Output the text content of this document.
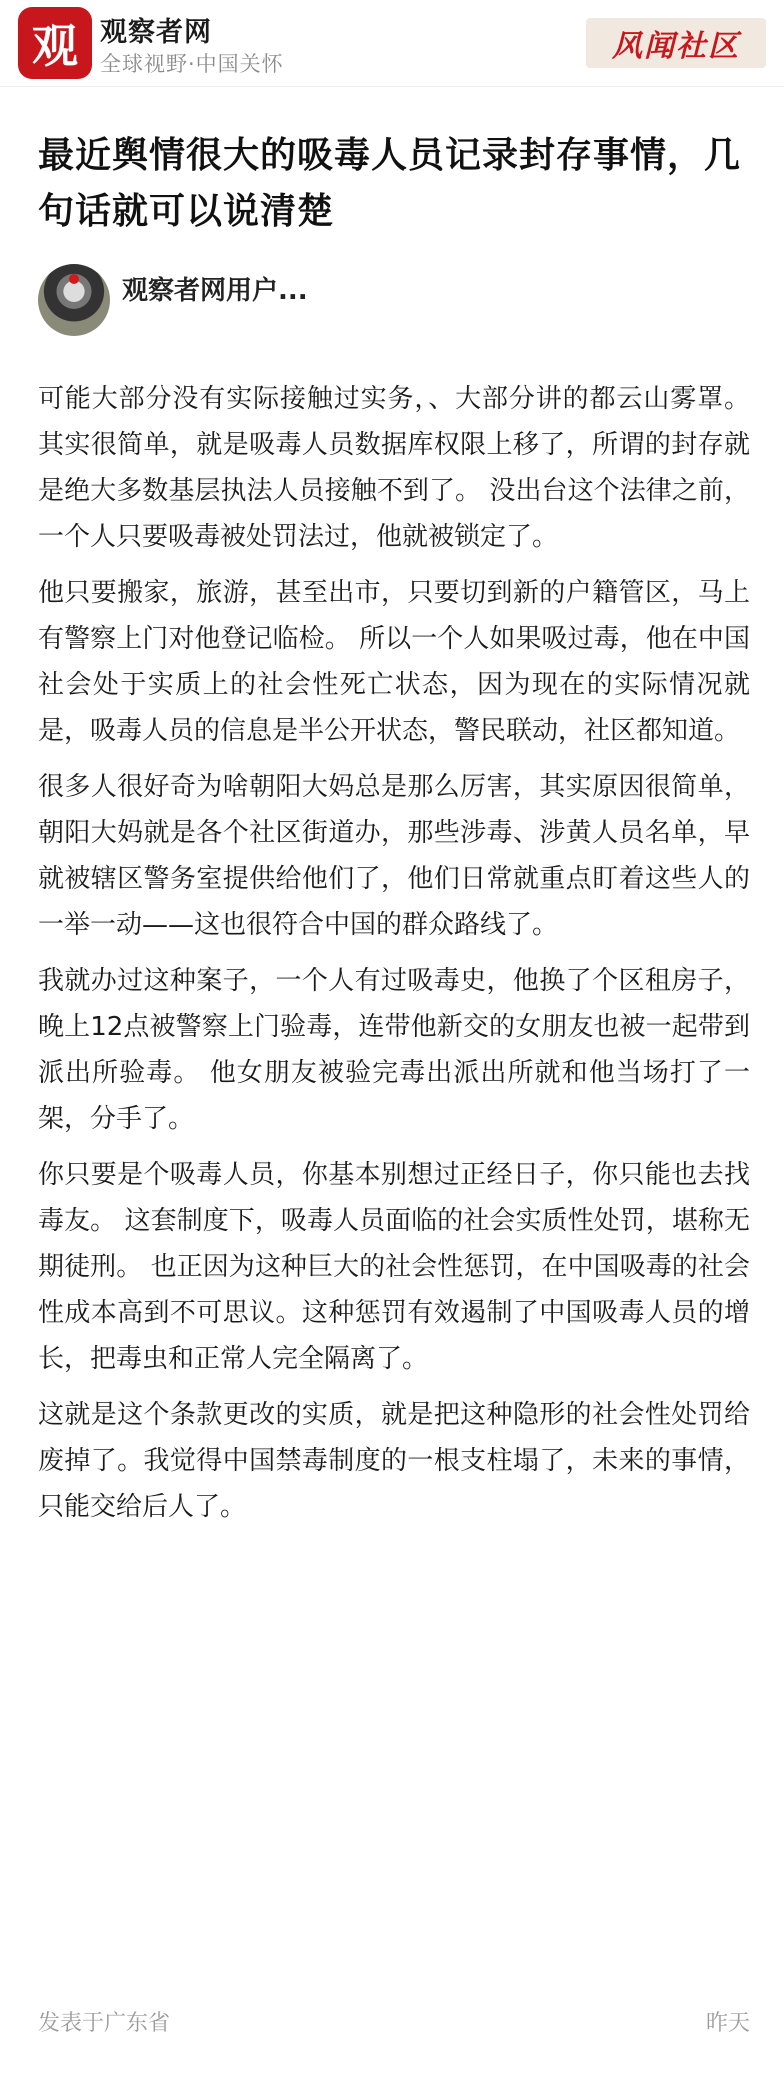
观 观察者网
全球视野·中国关怀	风闻社区
最近舆情很大的吸毒人员记录封存事情，几句话就可以说清楚
观察者网用户...

可能大部分没有实际接触过实务，、大部分讲的都云山雾罩。 其实很简单，就是吸毒人员数据库权限上移了，所谓的封存就是绝大多数基层执法人员接触不到了。 没出台这个法律之前，一个人只要吸毒被处罚法过，他就被锁定了。

他只要搬家，旅游，甚至出市，只要切到新的户籍管区，马上有警察上门对他登记临检。 所以一个人如果吸过毒，他在中国社会处于实质上的社会性死亡状态，因为现在的实际情况就是，吸毒人员的信息是半公开状态，警民联动，社区都知道。

很多人很好奇为啥朝阳大妈总是那么厉害，其实原因很简单，朝阳大妈就是各个社区街道办，那些涉毒、涉黄人员名单，早就被辖区警务室提供给他们了，他们日常就重点盯着这些人的一举一动——这也很符合中国的群众路线了。

我就办过这种案子，一个人有过吸毒史，他换了个区租房子，晚上12点被警察上门验毒，连带他新交的女朋友也被一起带到派出所验毒。 他女朋友被验完毒出派出所就和他当场打了一架，分手了。

你只要是个吸毒人员，你基本别想过正经日子，你只能也去找毒友。 这套制度下，吸毒人员面临的社会实质性处罚，堪称无期徒刑。 也正因为这种巨大的社会性惩罚，在中国吸毒的社会性成本高到不可思议。这种惩罚有效遏制了中国吸毒人员的增长，把毒虫和正常人完全隔离了。

这就是这个条款更改的实质，就是把这种隐形的社会性处罚给废掉了。我觉得中国禁毒制度的一根支柱塌了，未来的事情，只能交给后人了。

发表于广东省	昨天
